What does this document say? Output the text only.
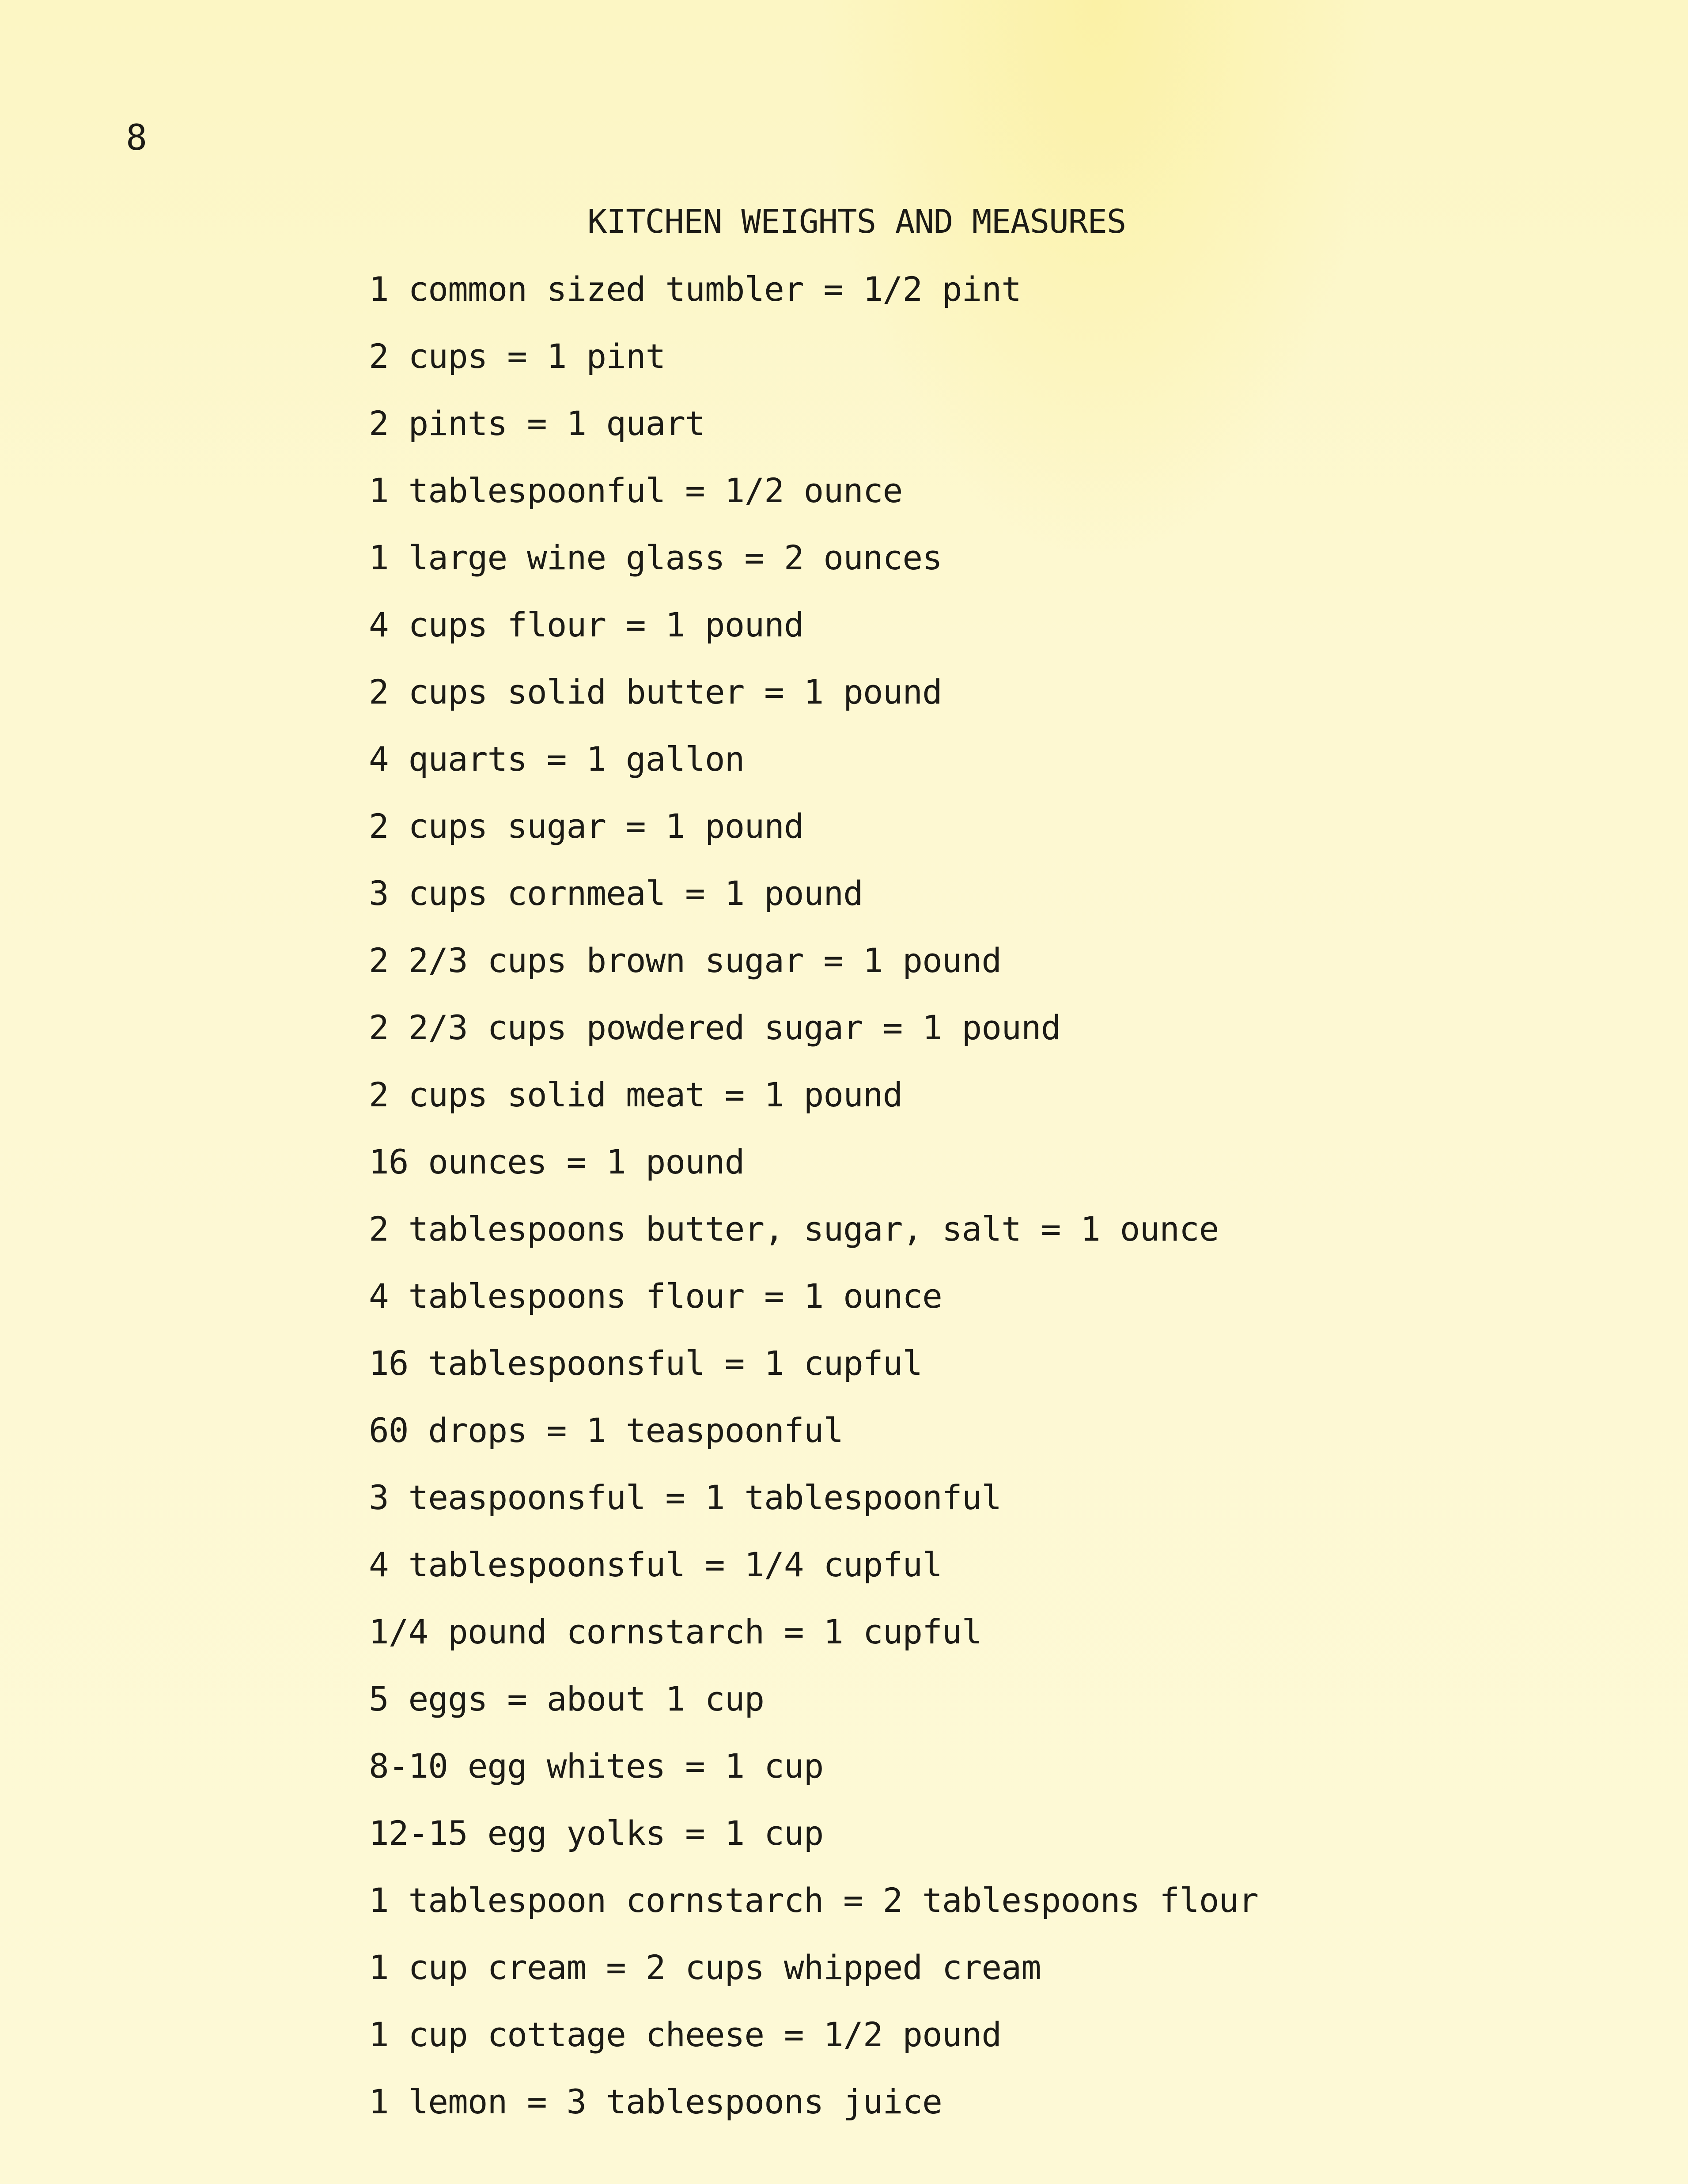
8
KITCHEN WEIGHTS AND MEASURES
1 common sized tumbler = 1/2 pint
2 cups = 1 pint
2 pints = 1 quart
1 tablespoonful = 1/2 ounce
1 large wine glass = 2 ounces
4 cups flour = 1 pound
2 cups solid butter = 1 pound
4 quarts = 1 gallon
2 cups sugar = 1 pound
3 cups cornmeal = 1 pound
2 2/3 cups brown sugar = 1 pound
2 2/3 cups powdered sugar = 1 pound
2 cups solid meat = 1 pound
16 ounces = 1 pound
2 tablespoons butter, sugar, salt = 1 ounce
4 tablespoons flour = 1 ounce
16 tablespoonsful = 1 cupful
60 drops = 1 teaspoonful
3 teaspoonsful = 1 tablespoonful
4 tablespoonsful = 1/4 cupful
1/4 pound cornstarch = 1 cupful
5 eggs = about 1 cup
8-10 egg whites = 1 cup
12-15 egg yolks = 1 cup
1 tablespoon cornstarch = 2 tablespoons flour
1 cup cream = 2 cups whipped cream
1 cup cottage cheese = 1/2 pound
1 lemon = 3 tablespoons juice
